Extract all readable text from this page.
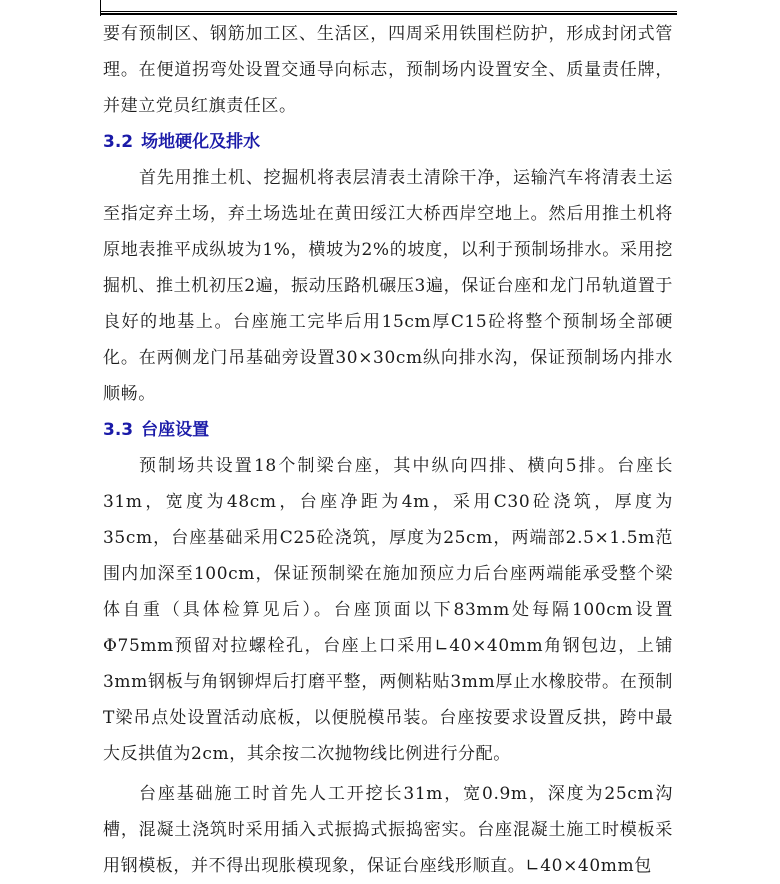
要有预制区、钢筋加工区、生活区，四周采用铁围栏防护，形成封闭式管理。在便道拐弯处设置交通导向标志，预制场内设置安全、质量责任牌，并建立党员红旗责任区。

3.2 场地硬化及排水

首先用推土机、挖掘机将表层清表土清除干净，运输汽车将清表土运至指定弃土场，弃土场选址在黄田绥江大桥西岸空地上。然后用推土机将原地表推平成纵坡为1%，横坡为2%的坡度，以利于预制场排水。采用挖掘机、推土机初压2遍，振动压路机碾压3遍，保证台座和龙门吊轨道置于良好的地基上。台座施工完毕后用15cm厚C15砼将整个预制场全部硬化。在两侧龙门吊基础旁设置30×30cm纵向排水沟，保证预制场内排水顺畅。

3.3 台座设置

预制场共设置18个制梁台座，其中纵向四排、横向5排。台座长31m，宽度为48cm，台座净距为4m，采用C30砼浇筑，厚度为35cm，台座基础采用C25砼浇筑，厚度为25cm，两端部2.5×1.5m范围内加深至100cm，保证预制梁在施加预应力后台座两端能承受整个梁体自重（具体检算见后）。台座顶面以下83mm处每隔100cm设置Φ75mm预留对拉螺栓孔，台座上口采用∟40×40mm角钢包边，上铺3mm钢板与角钢铆焊后打磨平整，两侧粘贴3mm厚止水橡胶带。在预制T梁吊点处设置活动底板，以便脱模吊装。台座按要求设置反拱，跨中最大反拱值为2cm，其余按二次抛物线比例进行分配。

台座基础施工时首先人工开挖长31m，宽0.9m，深度为25cm沟槽，混凝土浇筑时采用插入式振捣式振捣密实。台座混凝土施工时模板采用钢模板，并不得出现胀模现象，保证台座线形顺直。∟40×40mm包
